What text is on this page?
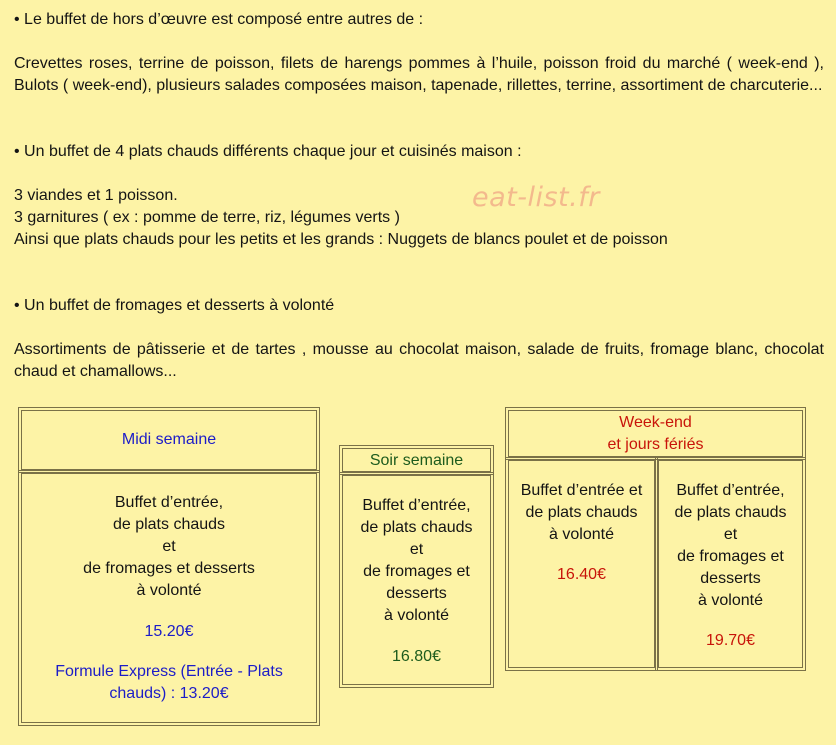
• Le buffet de hors d’œuvre est composé entre autres de :

Crevettes roses, terrine de poisson, filets de harengs pommes à l’huile, poisson froid du marché ( week-end ), Bulots ( week-end), plusieurs salades composées maison, tapenade, rillettes, terrine, assortiment de charcuterie...

• Un buffet de 4 plats chauds différents chaque jour et cuisinés maison :

3 viandes et 1 poisson.

3 garnitures ( ex : pomme de terre, riz, légumes verts )

Ainsi que plats chauds pour les petits et les grands : Nuggets de blancs poulet et de poisson

• Un buffet de fromages et desserts à volonté

Assortiments de pâtisserie et de tartes , mousse au chocolat maison, salade de fruits, fromage blanc, chocolat chaud et chamallows...

eat-list.fr
Midi semaine
Buffet d’entrée,
de plats chauds
et
de fromages et desserts
à volonté
15.20€
Formule Express (Entrée - Plats
chauds) : 13.20€
Soir semaine
Buffet d’entrée,
de plats chauds
et
de fromages et
desserts
à volonté
16.80€
Week-end
et jours fériés
Buffet d’entrée et
de plats chauds
à volonté
16.40€
Buffet d’entrée,
de plats chauds
et
de fromages et
desserts
à volonté
19.70€
